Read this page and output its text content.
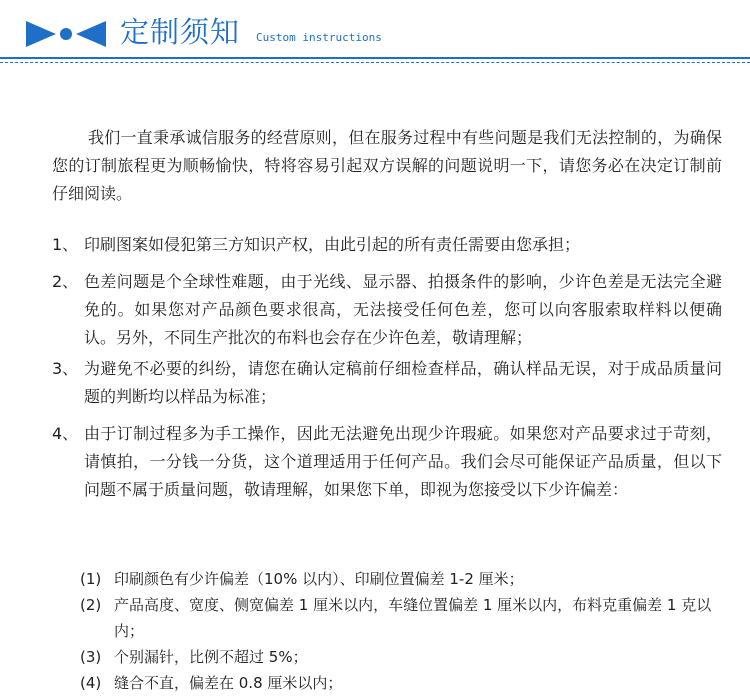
定制须知 Custom instructions

我们一直秉承诚信服务的经营原则，但在服务过程中有些问题是我们无法控制的，为确保您的订制旅程更为顺畅愉快，特将容易引起双方误解的问题说明一下，请您务必在决定订制前仔细阅读。

1、 印刷图案如侵犯第三方知识产权，由此引起的所有责任需要由您承担；
2、 色差问题是个全球性难题，由于光线、显示器、拍摄条件的影响，少许色差是无法完全避免的。如果您对产品颜色要求很高，无法接受任何色差，您可以向客服索取样料以便确认。另外，不同生产批次的布料也会存在少许色差，敬请理解；
3、 为避免不必要的纠纷，请您在确认定稿前仔细检查样品，确认样品无误，对于成品质量问题的判断均以样品为标准；
4、 由于订制过程多为手工操作，因此无法避免出现少许瑕疵。如果您对产品要求过于苛刻，请慎拍，一分钱一分货，这个道理适用于任何产品。我们会尽可能保证产品质量，但以下问题不属于质量问题，敬请理解，如果您下单，即视为您接受以下少许偏差：
(1) 印刷颜色有少许偏差（10% 以内）、印刷位置偏差 1-2 厘米；
(2) 产品高度、宽度、侧宽偏差 1 厘米以内，车缝位置偏差 1 厘米以内，布料克重偏差 1 克以内；
(3) 个别漏针，比例不超过 5%；
(4) 缝合不直，偏差在 0.8 厘米以内；
